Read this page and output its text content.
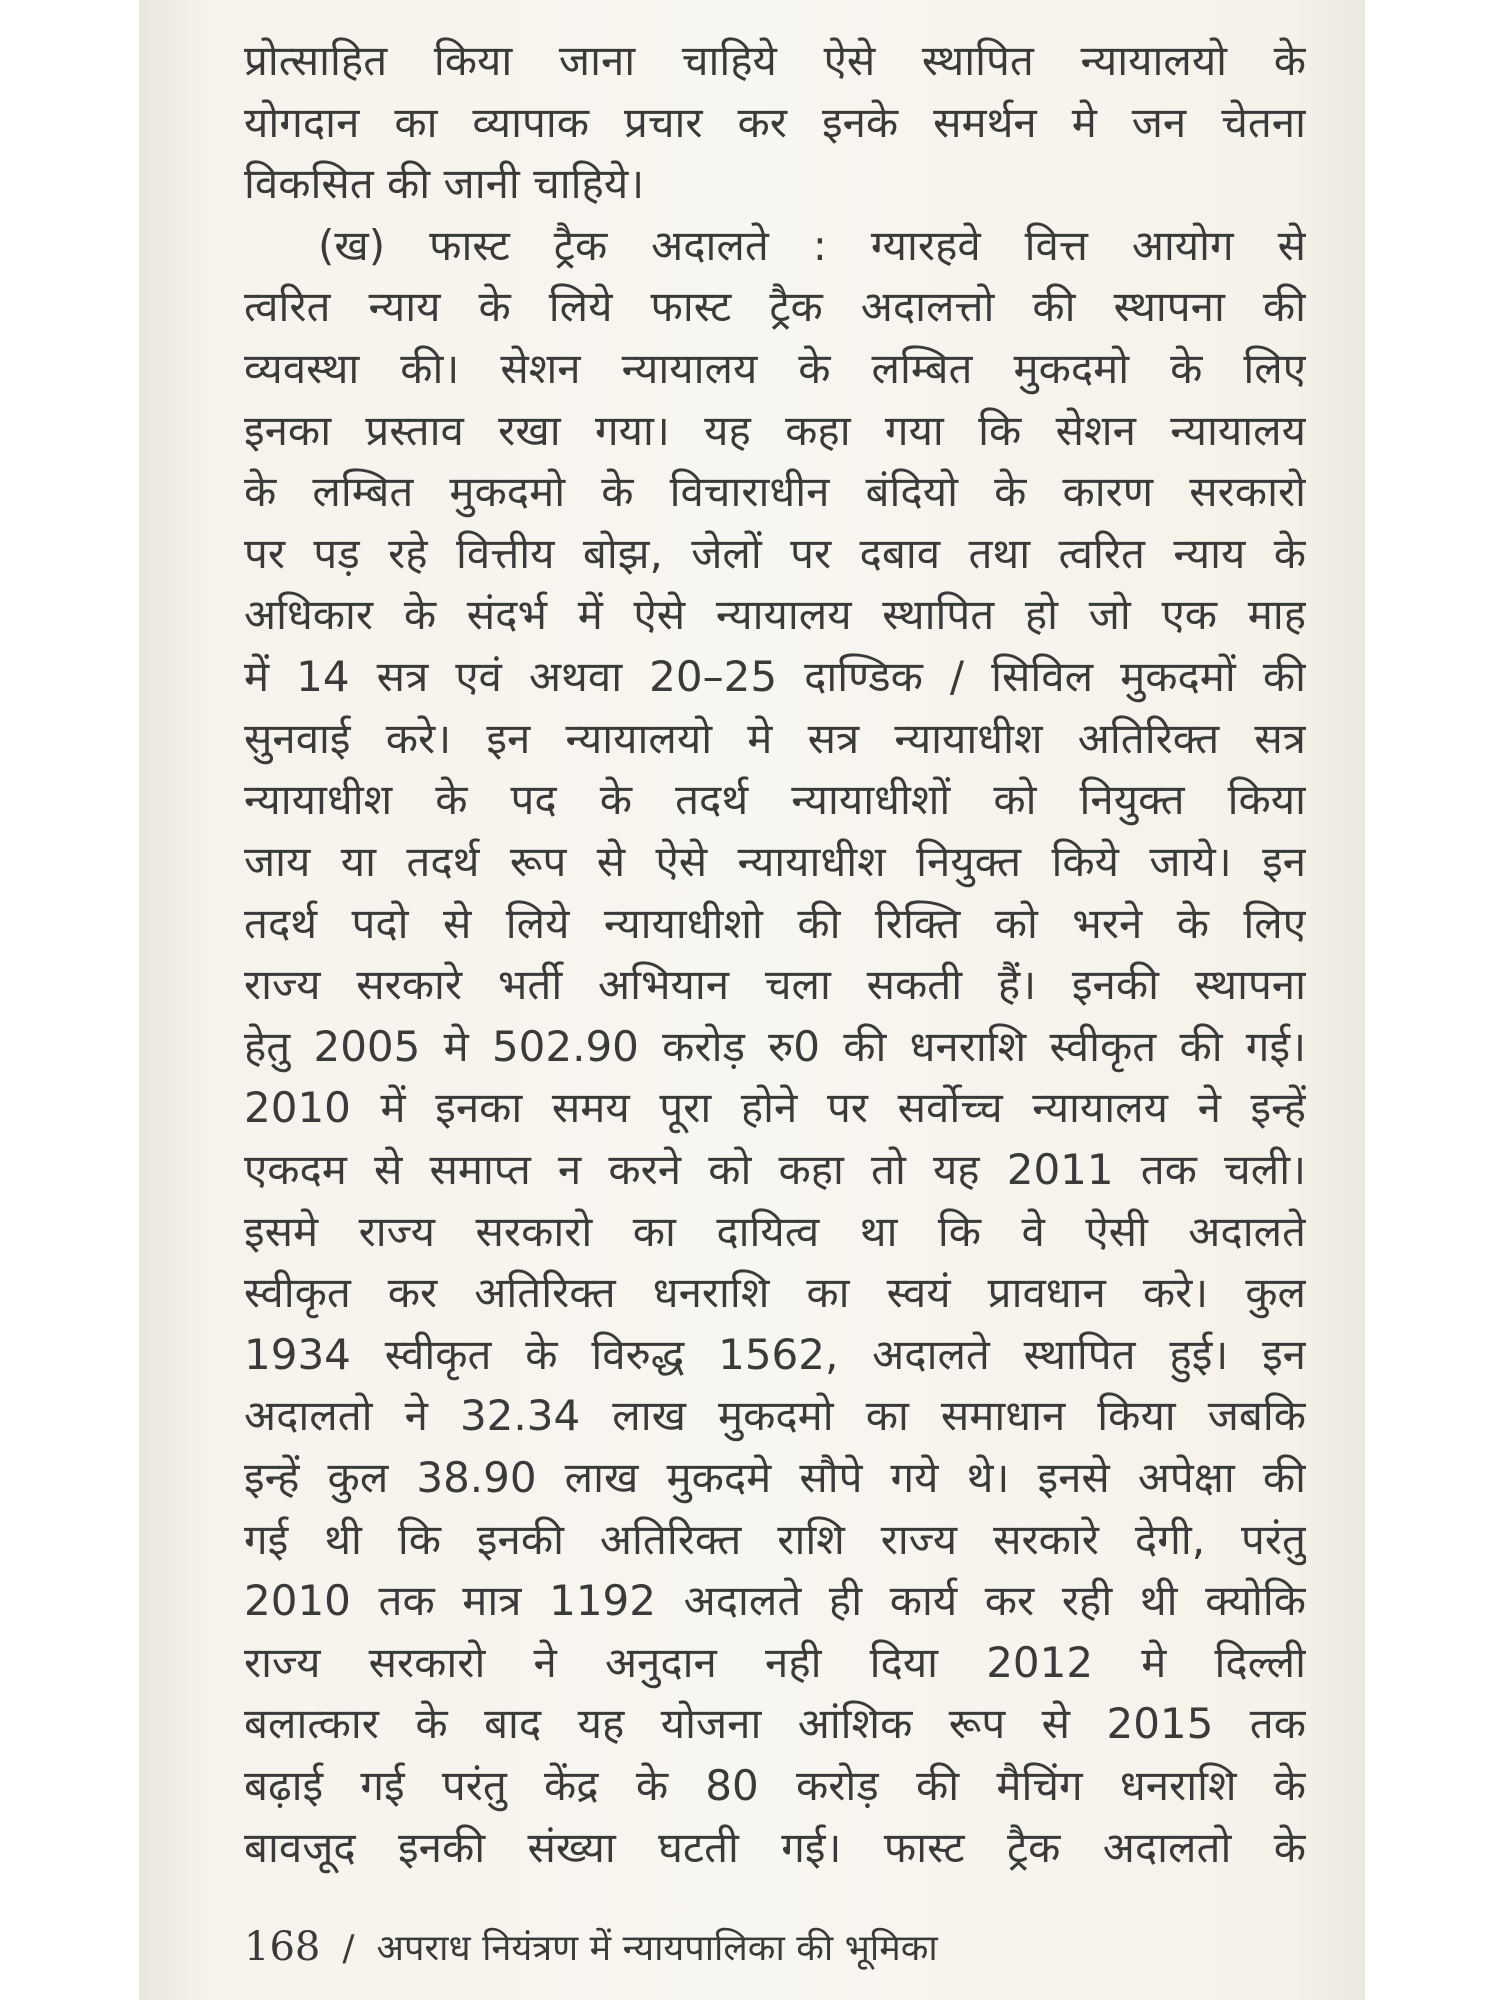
प्रोत्साहित किया जाना चाहिये ऐसे स्थापित न्यायालयो के
योगदान का व्यापाक प्रचार कर इनके समर्थन मे जन चेतना
विकसित की जानी चाहिये।
(ख) फास्ट ट्रैक अदालते : ग्यारहवे वित्त आयोग से
त्वरित न्याय के लिये फास्ट ट्रैक अदालत्तो की स्थापना की
व्यवस्था की। सेशन न्यायालय के लम्बित मुकदमो के लिए
इनका प्रस्ताव रखा गया। यह कहा गया कि सेशन न्यायालय
के लम्बित मुकदमो के विचाराधीन बंदियो के कारण सरकारो
पर पड़ रहे वित्तीय बोझ, जेलों पर दबाव तथा त्वरित न्याय के
अधिकार के संदर्भ में ऐसे न्यायालय स्थापित हो जो एक माह
में 14 सत्र एवं अथवा 20–25 दाण्डिक / सिविल मुकदमों की
सुनवाई करे। इन न्यायालयो मे सत्र न्यायाधीश अतिरिक्त सत्र
न्यायाधीश के पद के तदर्थ न्यायाधीशों को नियुक्त किया
जाय या तदर्थ रूप से ऐसे न्यायाधीश नियुक्त किये जाये। इन
तदर्थ पदो से लिये न्यायाधीशो की रिक्ति को भरने के लिए
राज्य सरकारे भर्ती अभियान चला सकती हैं। इनकी स्थापना
हेतु 2005 मे 502.90 करोड़ रु0 की धनराशि स्वीकृत की गई।
2010 में इनका समय पूरा होने पर सर्वोच्च न्यायालय ने इन्हें
एकदम से समाप्त न करने को कहा तो यह 2011 तक चली।
इसमे राज्य सरकारो का दायित्व था कि वे ऐसी अदालते
स्वीकृत कर अतिरिक्त धनराशि का स्वयं प्रावधान करे। कुल
1934 स्वीकृत के विरुद्ध 1562, अदालते स्थापित हुई। इन
अदालतो ने 32.34 लाख मुकदमो का समाधान किया जबकि
इन्हें कुल 38.90 लाख मुकदमे सौपे गये थे। इनसे अपेक्षा की
गई थी कि इनकी अतिरिक्त राशि राज्य सरकारे देगी, परंतु
2010 तक मात्र 1192 अदालते ही कार्य कर रही थी क्योकि
राज्य सरकारो ने अनुदान नही दिया 2012 मे दिल्ली
बलात्कार के बाद यह योजना आंशिक रूप से 2015 तक
बढ़ाई गई परंतु केंद्र के 80 करोड़ की मैचिंग धनराशि के
बावजूद इनकी संख्या घटती गई। फास्ट ट्रैक अदालतो के
168 / अपराध नियंत्रण में न्यायपालिका की भूमिका
